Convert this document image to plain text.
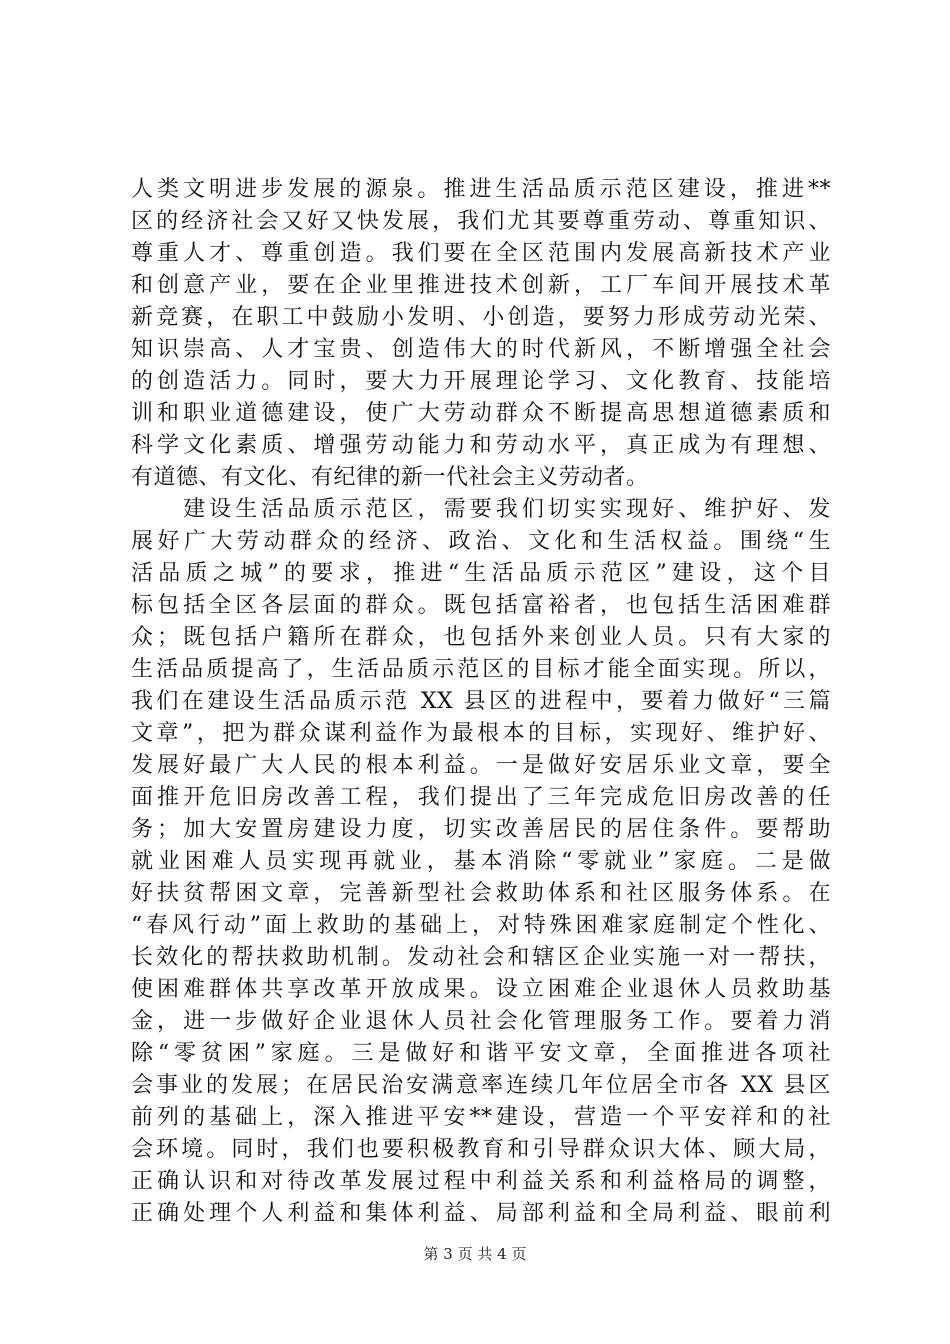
人类文明进步发展的源泉。推进生活品质示范区建设，推进**
区的经济社会又好又快发展，我们尤其要尊重劳动、尊重知识、
尊重人才、尊重创造。我们要在全区范围内发展高新技术产业
和创意产业，要在企业里推进技术创新，工厂车间开展技术革
新竞赛，在职工中鼓励小发明、小创造，要努力形成劳动光荣、
知识崇高、人才宝贵、创造伟大的时代新风，不断增强全社会
的创造活力。同时，要大力开展理论学习、文化教育、技能培
训和职业道德建设，使广大劳动群众不断提高思想道德素质和
科学文化素质、增强劳动能力和劳动水平，真正成为有理想、
有道德、有文化、有纪律的新一代社会主义劳动者。
　　建设生活品质示范区，需要我们切实实现好、维护好、发
展好广大劳动群众的经济、政治、文化和生活权益。围绕“生
活品质之城”的要求，推进“生活品质示范区”建设，这个目
标包括全区各层面的群众。既包括富裕者，也包括生活困难群
众；既包括户籍所在群众，也包括外来创业人员。只有大家的
生活品质提高了，生活品质示范区的目标才能全面实现。所以，
我们在建设生活品质示范 XX 县区的进程中，要着力做好“三篇
文章”，把为群众谋利益作为最根本的目标，实现好、维护好、
发展好最广大人民的根本利益。一是做好安居乐业文章，要全
面推开危旧房改善工程，我们提出了三年完成危旧房改善的任
务；加大安置房建设力度，切实改善居民的居住条件。要帮助
就业困难人员实现再就业，基本消除“零就业”家庭。二是做
好扶贫帮困文章，完善新型社会救助体系和社区服务体系。在
“春风行动”面上救助的基础上，对特殊困难家庭制定个性化、
长效化的帮扶救助机制。发动社会和辖区企业实施一对一帮扶，
使困难群体共享改革开放成果。设立困难企业退休人员救助基
金，进一步做好企业退休人员社会化管理服务工作。要着力消
除“零贫困”家庭。三是做好和谐平安文章，全面推进各项社
会事业的发展；在居民治安满意率连续几年位居全市各 XX 县区
前列的基础上，深入推进平安**建设，营造一个平安祥和的社
会环境。同时，我们也要积极教育和引导群众识大体、顾大局，
正确认识和对待改革发展过程中利益关系和利益格局的调整，
正确处理个人利益和集体利益、局部利益和全局利益、眼前利
第 3 页 共 4 页
